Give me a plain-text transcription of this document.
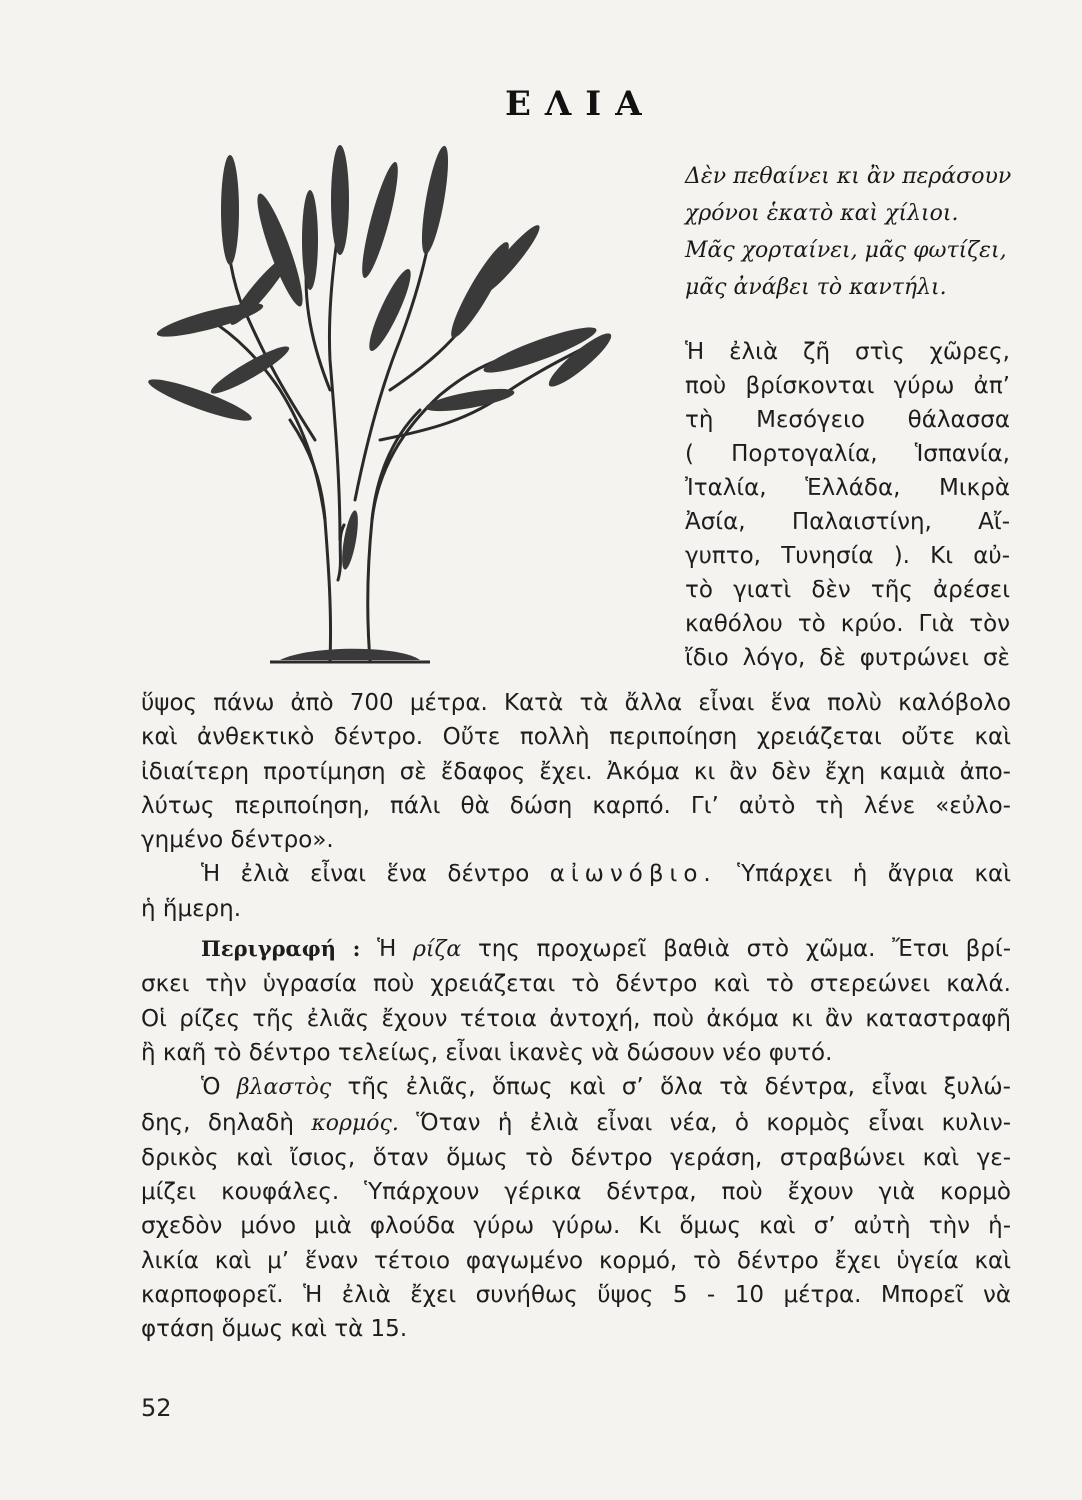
ΕΛΙΑ
Δὲν πεθαίνει κι ἂν περάσουν
χρόνοι ἑκατὸ καὶ χίλιοι.
Μᾶς χορταίνει, μᾶς φωτίζει,
μᾶς ἀνάβει τὸ καντήλι.
Ἡ ἐλιὰ ζῆ στὶς χῶρες,
ποὺ βρίσκονται γύρω ἀπ’
τὴ Μεσόγειο θάλασσα
( Πορτογαλία, Ἱσπανία,
Ἰταλία, Ἑλλάδα, Μικρὰ
Ἀσία, Παλαιστίνη, Αἴ-
γυπτο, Τυνησία ). Κι αὐ-
τὸ γιατὶ δὲν τῆς ἀρέσει
καθόλου τὸ κρύο. Γιὰ τὸν
ἴδιο λόγο, δὲ φυτρώνει σὲ
ὕψος πάνω ἀπὸ 700 μέτρα. Κατὰ τὰ ἄλλα εἶναι ἕνα πολὺ καλόβολο
καὶ ἀνθεκτικὸ δέντρο. Οὔτε πολλὴ περιποίηση χρειάζεται οὔτε καὶ
ἰδιαίτερη προτίμηση σὲ ἔδαφος ἔχει. Ἀκόμα κι ἂν δὲν ἔχη καμιὰ ἀπο-
λύτως περιποίηση, πάλι θὰ δώση καρπό. Γι’ αὐτὸ τὴ λένε «εὐλο-
γημένο δέντρο».
Ἡ ἐλιὰ εἶναι ἕνα δέντρο αἰωνόβιο. Ὑπάρχει ἡ ἄγρια καὶ
ἡ ἥμερη.
Περιγραφή : Ἡ ρίζα της προχωρεῖ βαθιὰ στὸ χῶμα. Ἔτσι βρί-
σκει τὴν ὑγρασία ποὺ χρειάζεται τὸ δέντρο καὶ τὸ στερεώνει καλά.
Οἱ ρίζες τῆς ἐλιᾶς ἔχουν τέτοια ἀντοχή, ποὺ ἀκόμα κι ἂν καταστραφῆ
ἢ καῆ τὸ δέντρο τελείως, εἶναι ἱκανὲς νὰ δώσουν νέο φυτό.
Ὁ βλαστὸς τῆς ἐλιᾶς, ὅπως καὶ σ’ ὅλα τὰ δέντρα, εἶναι ξυλώ-
δης, δηλαδὴ κορμός. Ὅταν ἡ ἐλιὰ εἶναι νέα, ὁ κορμὸς εἶναι κυλιν-
δρικὸς καὶ ἴσιος, ὅταν ὅμως τὸ δέντρο γεράση, στραβώνει καὶ γε-
μίζει κουφάλες. Ὑπάρχουν γέρικα δέντρα, ποὺ ἔχουν γιὰ κορμὸ
σχεδὸν μόνο μιὰ φλούδα γύρω γύρω. Κι ὅμως καὶ σ’ αὐτὴ τὴν ἡ-
λικία καὶ μ’ ἕναν τέτοιο φαγωμένο κορμό, τὸ δέντρο ἔχει ὑγεία καὶ
καρποφορεῖ. Ἡ ἐλιὰ ἔχει συνήθως ὕψος 5 - 10 μέτρα. Μπορεῖ νὰ
φτάση ὅμως καὶ τὰ 15.
52
